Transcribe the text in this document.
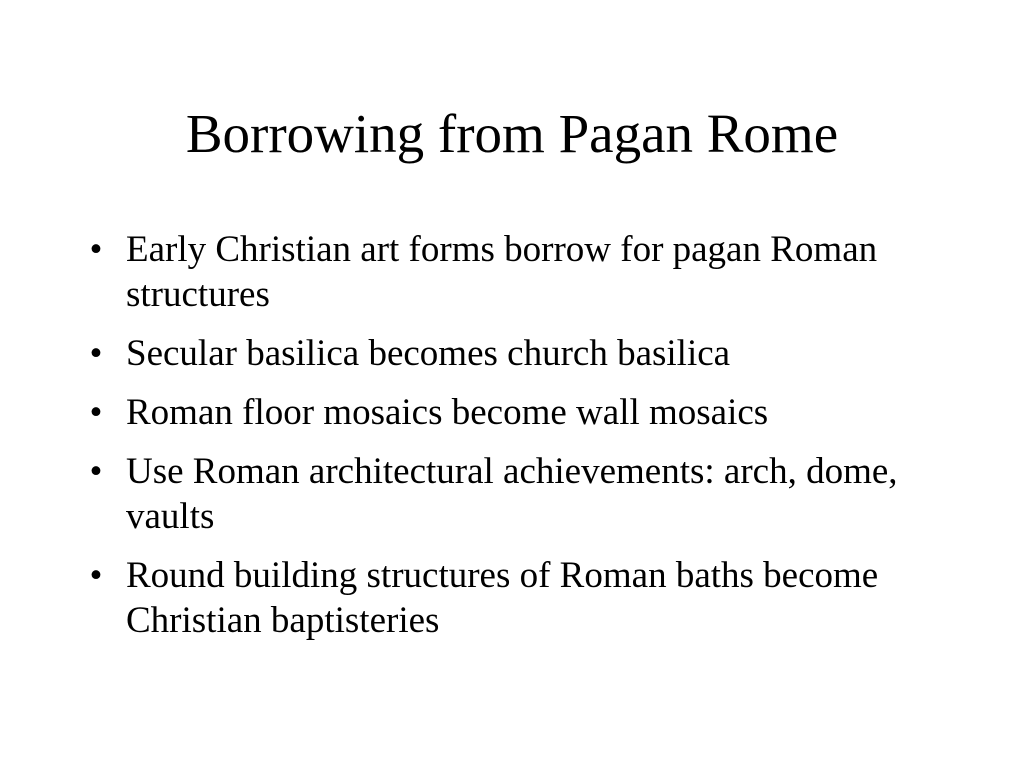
Borrowing from Pagan Rome
• Early Christian art forms borrow for pagan Roman structures
• Secular basilica becomes church basilica
• Roman floor mosaics become wall mosaics
• Use Roman architectural achievements: arch, dome, vaults
• Round building structures of Roman baths become Christian baptisteries
